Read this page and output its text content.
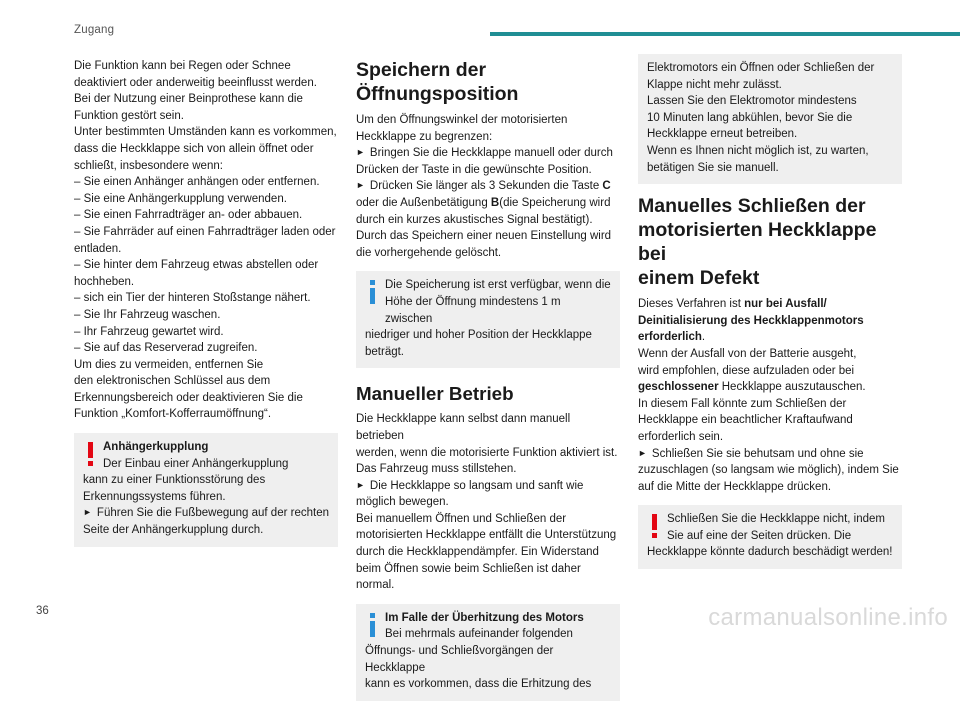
Zugang

Die Funktion kann bei Regen oder Schnee

deaktiviert oder anderweitig beeinflusst werden.

Bei der Nutzung einer Beinprothese kann die

Funktion gestört sein.

Unter bestimmten Umständen kann es vorkommen,

dass die Heckklappe sich von allein öffnet oder

schließt, insbesondere wenn:

– Sie einen Anhänger anhängen oder entfernen.

– Sie eine Anhängerkupplung verwenden.

– Sie einen Fahrradträger an- oder abbauen.

– Sie Fahrräder auf einen Fahrradträger laden oder

entladen.

– Sie hinter dem Fahrzeug etwas abstellen oder

hochheben.

– sich ein Tier der hinteren Stoßstange nähert.

– Sie Ihr Fahrzeug waschen.

– Ihr Fahrzeug gewartet wird.

– Sie auf das Reserverad zugreifen.

Um dies zu vermeiden, entfernen Sie

den elektronischen Schlüssel aus dem

Erkennungsbereich oder deaktivieren Sie die

Funktion „Komfort-Kofferraumöffnung“.

Anhängerkupplung

Der Einbau einer Anhängerkupplung

kann zu einer Funktionsstörung des

Erkennungssystems führen.

► Führen Sie die Fußbewegung auf der rechten

Seite der Anhängerkupplung durch.

Speichern der
Öffnungsposition

Um den Öffnungswinkel der motorisierten

Heckklappe zu begrenzen:

► Bringen Sie die Heckklappe manuell oder durch

Drücken der Taste in die gewünschte Position.

► Drücken Sie länger als 3 Sekunden die Taste C

oder die Außenbetätigung B(die Speicherung wird

durch ein kurzes akustisches Signal bestätigt).

Durch das Speichern einer neuen Einstellung wird

die vorhergehende gelöscht.

Die Speicherung ist erst verfügbar, wenn die

Höhe der Öffnung mindestens 1 m zwischen

niedriger und hoher Position der Heckklappe

beträgt.

Manueller Betrieb

Die Heckklappe kann selbst dann manuell betrieben

werden, wenn die motorisierte Funktion aktiviert ist.

Das Fahrzeug muss stillstehen.

► Die Heckklappe so langsam und sanft wie

möglich bewegen.

Bei manuellem Öffnen und Schließen der

motorisierten Heckklappe entfällt die Unterstützung

durch die Heckklappendämpfer. Ein Widerstand

beim Öffnen sowie beim Schließen ist daher normal.

Im Falle der Überhitzung des Motors

Bei mehrmals aufeinander folgenden

Öffnungs- und Schließvorgängen der Heckklappe

kann es vorkommen, dass die Erhitzung des

Elektromotors ein Öffnen oder Schließen der

Klappe nicht mehr zulässt.

Lassen Sie den Elektromotor mindestens

10 Minuten lang abkühlen, bevor Sie die

Heckklappe erneut betreiben.

Wenn es Ihnen nicht möglich ist, zu warten,

betätigen Sie sie manuell.

Manuelles Schließen der
motorisierten Heckklappe bei
einem Defekt

Dieses Verfahren ist nur bei Ausfall/

Deinitialisierung des Heckklappenmotors

erforderlich.

Wenn der Ausfall von der Batterie ausgeht,

wird empfohlen, diese aufzuladen oder bei

geschlossener Heckklappe auszutauschen.

In diesem Fall könnte zum Schließen der

Heckklappe ein beachtlicher Kraftaufwand

erforderlich sein.

► Schließen Sie sie behutsam und ohne sie

zuzuschlagen (so langsam wie möglich), indem Sie

auf die Mitte der Heckklappe drücken.

Schließen Sie die Heckklappe nicht, indem

Sie auf eine der Seiten drücken. Die

Heckklappe könnte dadurch beschädigt werden!

36	carmanualsonline.info
